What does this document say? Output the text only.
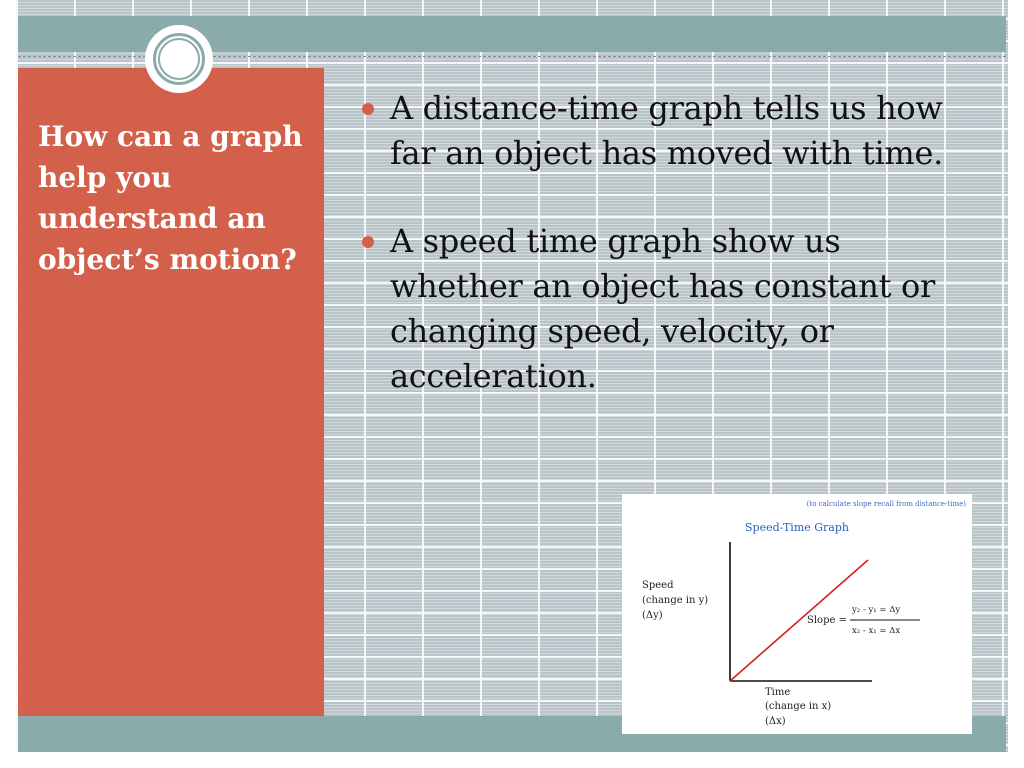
How can a graph help you understand an object’s motion?
A distance-time graph tells us how far an object has moved with time.
A speed time graph show us whether an object has constant or changing speed, velocity, or acceleration.
(to calculate slope recall from distance-time)
Speed-Time Graph
Speed
(change in y)
(Δy)	Slope =
y₂ - y₁ = Δy
x₂ - x₁ = Δx
Time
(change in x)
(Δx)
